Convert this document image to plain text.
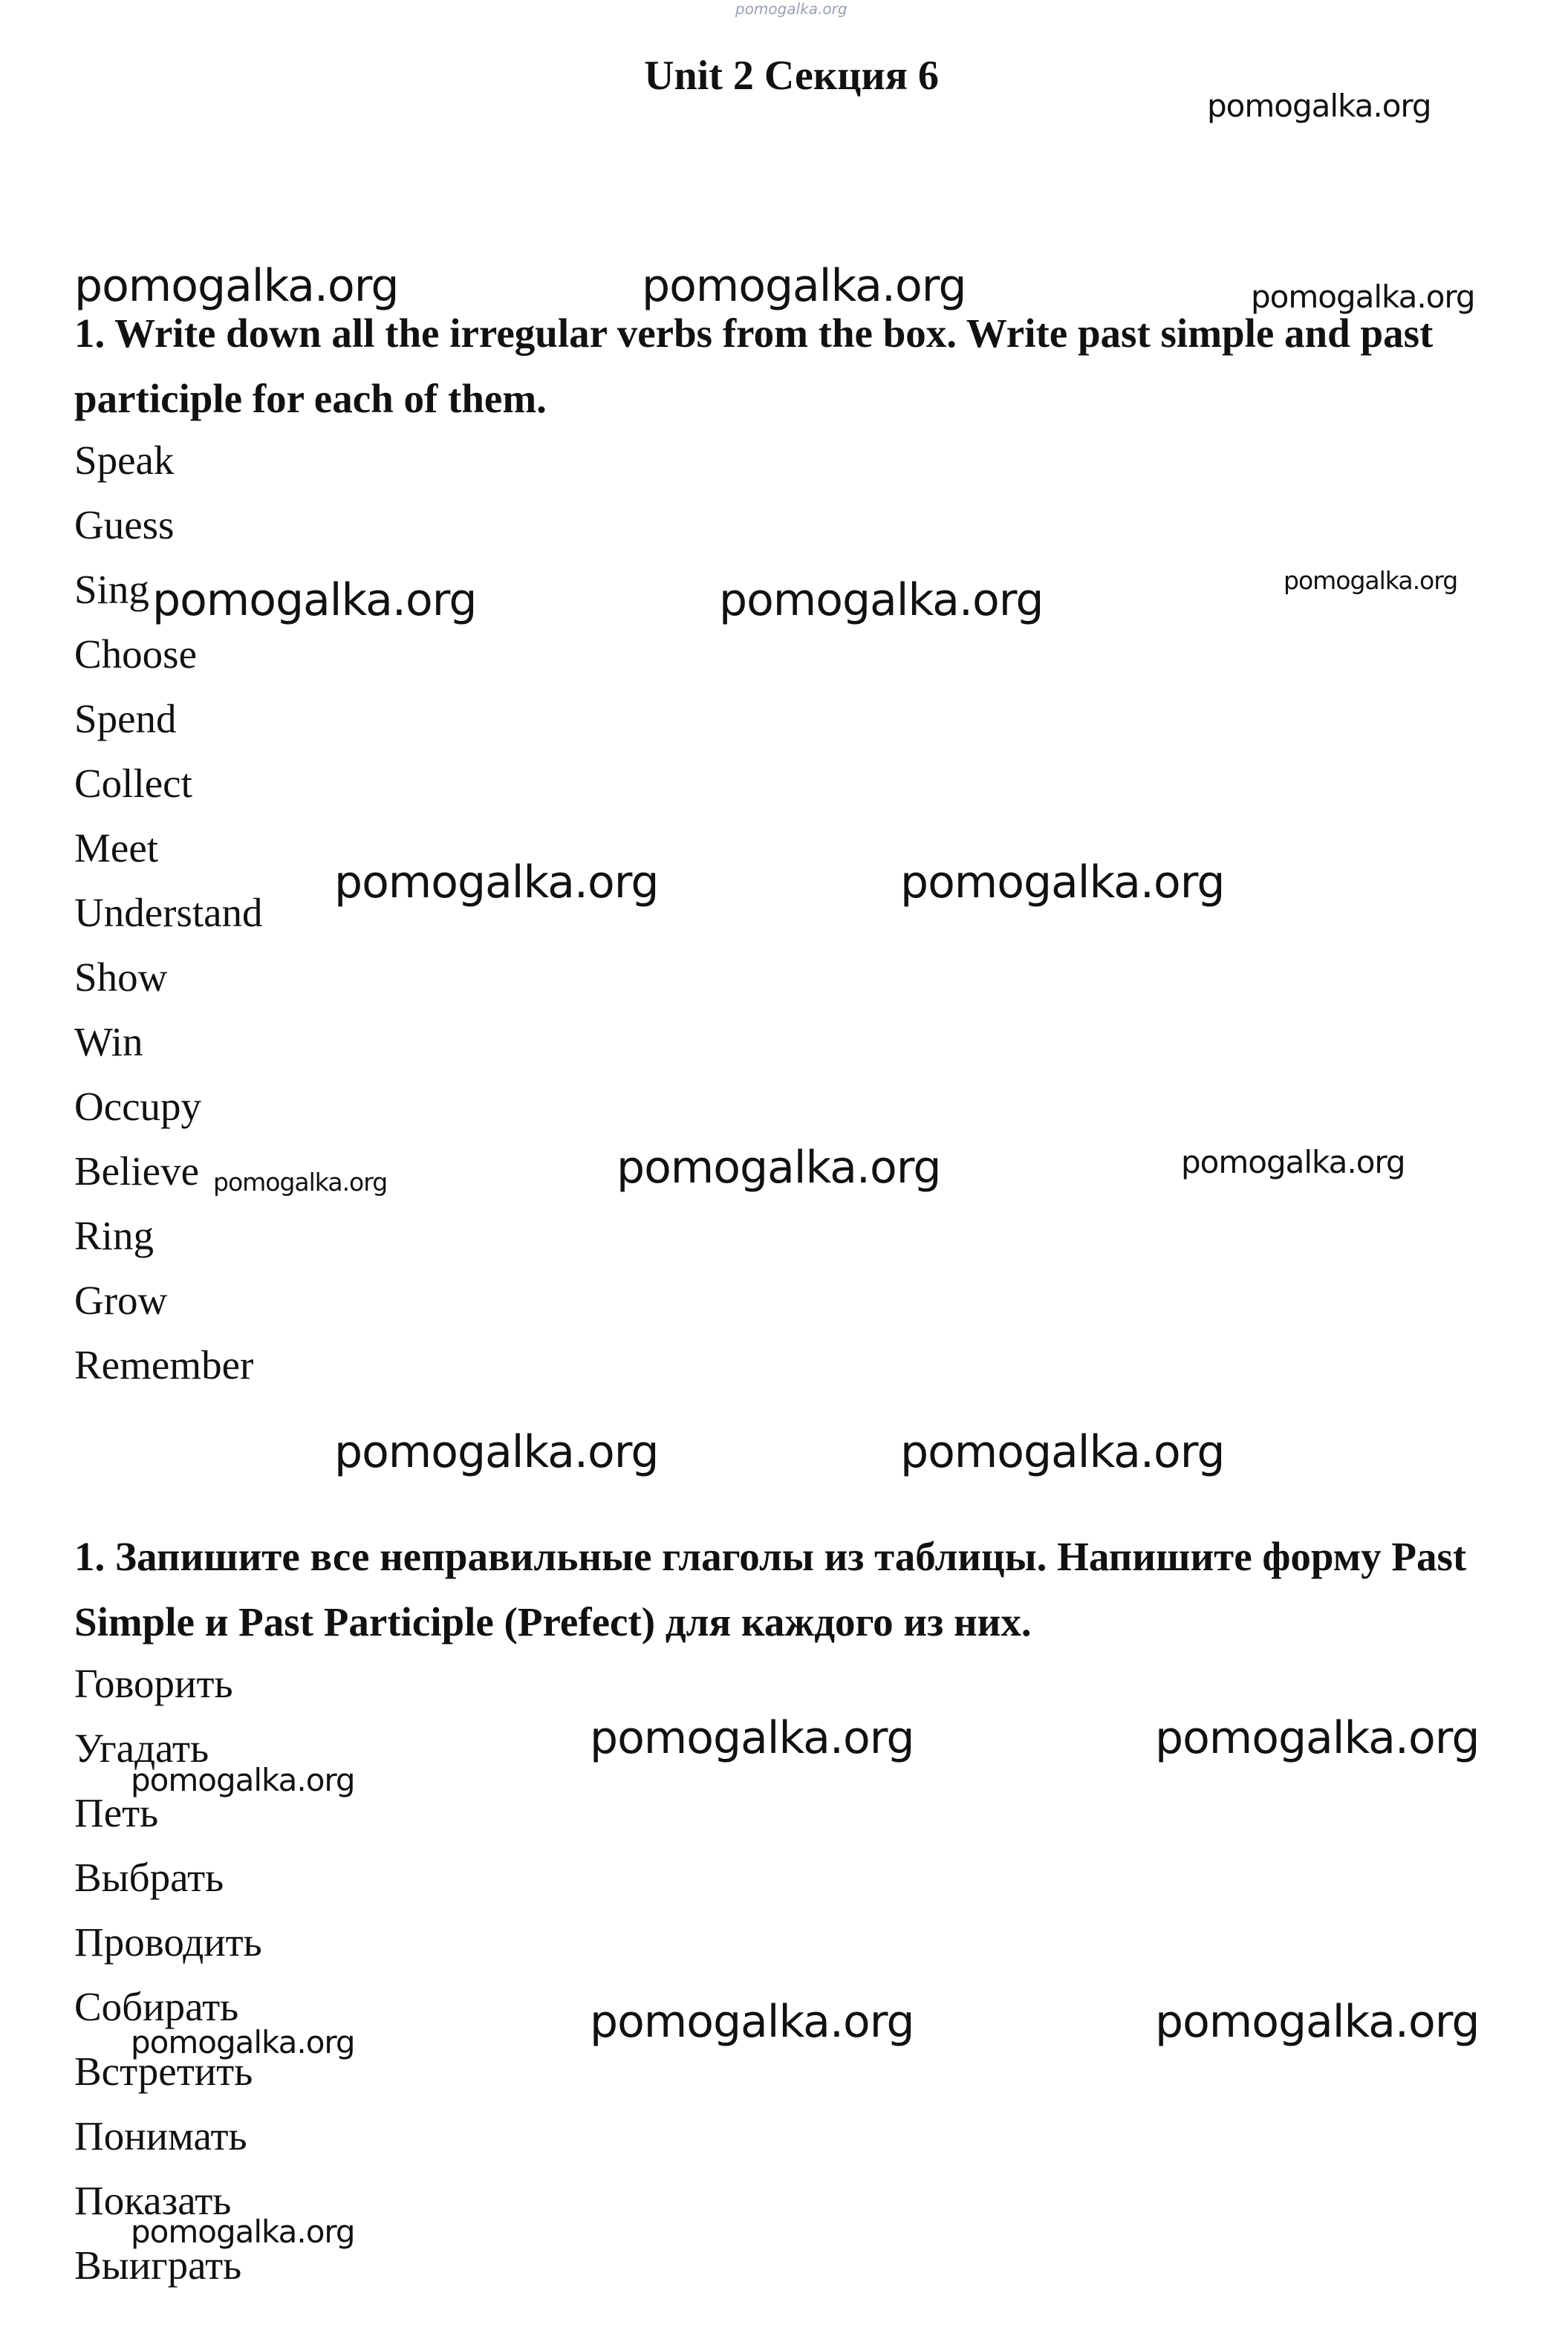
pomogalka.org
Unit 2 Секция 6
1. Write down all the irregular verbs from the box. Write past simple and past participle for each of them.
Speak
Guess
Sing
Choose
Spend
Collect
Meet
Understand
Show
Win
Occupy
Believe
Ring
Grow
Remember
1. Запишите все неправильные глаголы из таблицы. Напишите форму Past Simple и Past Participle (Prefect) для каждого из них.
Говорить
Угадать
Петь
Выбрать
Проводить
Собирать
Встретить
Понимать
Показать
Выиграть
pomogalka.org
pomogalka.org	pomogalka.org	pomogalka.org
pomogalka.org	pomogalka.org	pomogalka.org
pomogalka.org	pomogalka.org
pomogalka.org	pomogalka.org	pomogalka.org
pomogalka.org	pomogalka.org
pomogalka.org	pomogalka.org
pomogalka.org
pomogalka.org	pomogalka.org
pomogalka.org
pomogalka.org
